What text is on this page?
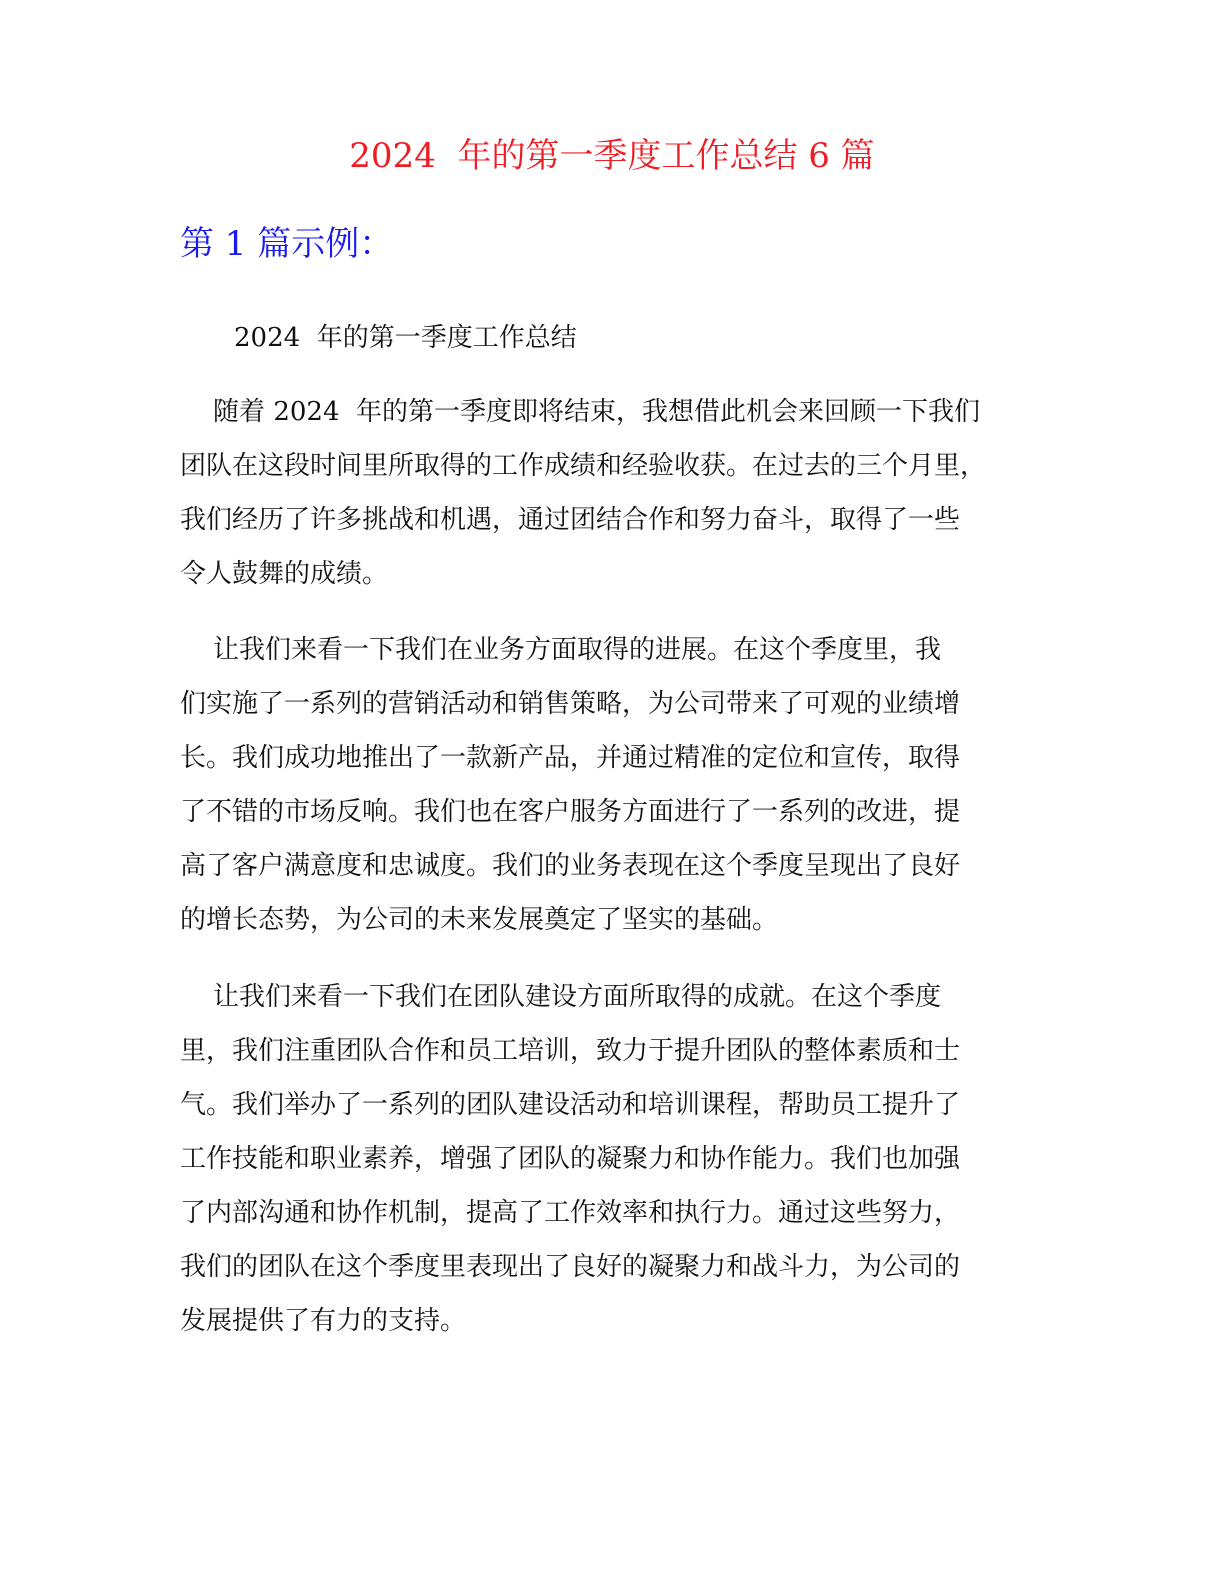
2024  年的第一季度工作总结 6 篇
第 1 篇示例：
2024  年的第一季度工作总结
随着 2024  年的第一季度即将结束，我想借此机会来回顾一下我们
团队在这段时间里所取得的工作成绩和经验收获。在过去的三个月里，
我们经历了许多挑战和机遇，通过团结合作和努力奋斗，取得了一些
令人鼓舞的成绩。
让我们来看一下我们在业务方面取得的进展。在这个季度里，我
们实施了一系列的营销活动和销售策略，为公司带来了可观的业绩增
长。我们成功地推出了一款新产品，并通过精准的定位和宣传，取得
了不错的市场反响。我们也在客户服务方面进行了一系列的改进，提
高了客户满意度和忠诚度。我们的业务表现在这个季度呈现出了良好
的增长态势，为公司的未来发展奠定了坚实的基础。
让我们来看一下我们在团队建设方面所取得的成就。在这个季度
里，我们注重团队合作和员工培训，致力于提升团队的整体素质和士
气。我们举办了一系列的团队建设活动和培训课程，帮助员工提升了
工作技能和职业素养，增强了团队的凝聚力和协作能力。我们也加强
了内部沟通和协作机制，提高了工作效率和执行力。通过这些努力，
我们的团队在这个季度里表现出了良好的凝聚力和战斗力，为公司的
发展提供了有力的支持。
